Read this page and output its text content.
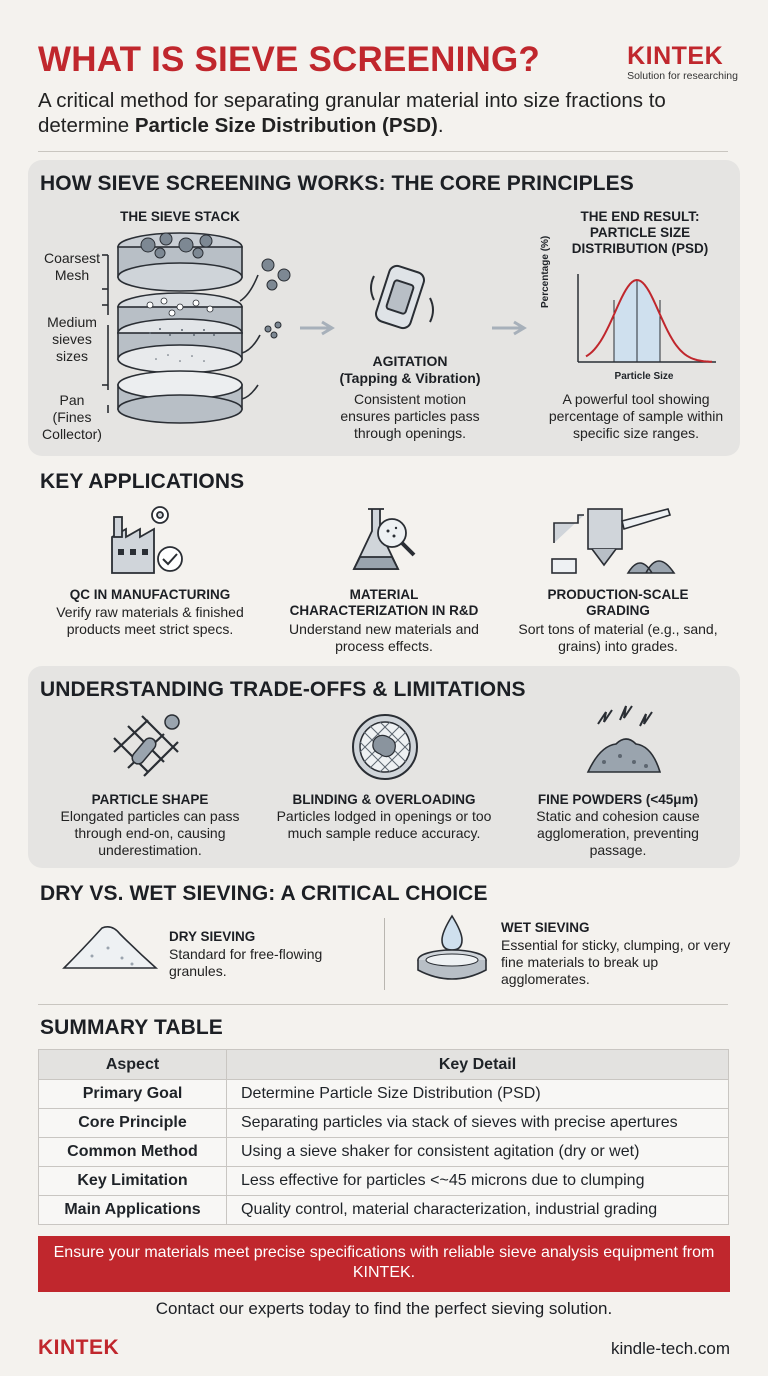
WHAT IS SIEVE SCREENING?	KINTEK
Solution for researching
A critical method for separating granular material into size fractions to determine Particle Size Distribution (PSD).
HOW SIEVE SCREENING WORKS: THE CORE PRINCIPLES
THE SIEVE STACK
Coarsest
Mesh
Medium
sieves
sizes
Pan
(Fines
Collector)
AGITATION
(Tapping & Vibration)
Consistent motion ensures particles pass through openings.
THE END RESULT:
PARTICLE SIZE
DISTRIBUTION (PSD)
Percentage (%)
Particle Size
A powerful tool showing percentage of sample within specific size ranges.
KEY APPLICATIONS
QC IN MANUFACTURING
Verify raw materials & finished products meet strict specs.
MATERIAL
CHARACTERIZATION IN R&D
Understand new materials and process effects.
PRODUCTION-SCALE
GRADING
Sort tons of material (e.g., sand, grains) into grades.
UNDERSTANDING TRADE-OFFS & LIMITATIONS
PARTICLE SHAPE
Elongated particles can pass through end-on, causing underestimation.
BLINDING & OVERLOADING
Particles lodged in openings or too much sample reduce accuracy.
FINE POWDERS (<45μm)
Static and cohesion cause agglomeration, preventing passage.
DRY VS. WET SIEVING: A CRITICAL CHOICE
DRY SIEVING
Standard for free-flowing granules.
WET SIEVING
Essential for sticky, clumping, or very fine materials to break up agglomerates.
SUMMARY TABLE
Aspect	Key Detail
Primary Goal	Determine Particle Size Distribution (PSD)
Core Principle	Separating particles via stack of sieves with precise apertures
Common Method	Using a sieve shaker for consistent agitation (dry or wet)
Key Limitation	Less effective for particles <~45 microns due to clumping
Main Applications	Quality control, material characterization, industrial grading
Ensure your materials meet precise specifications with reliable sieve analysis equipment from KINTEK.
Contact our experts today to find the perfect sieving solution.
KINTEK	kindle-tech.com
